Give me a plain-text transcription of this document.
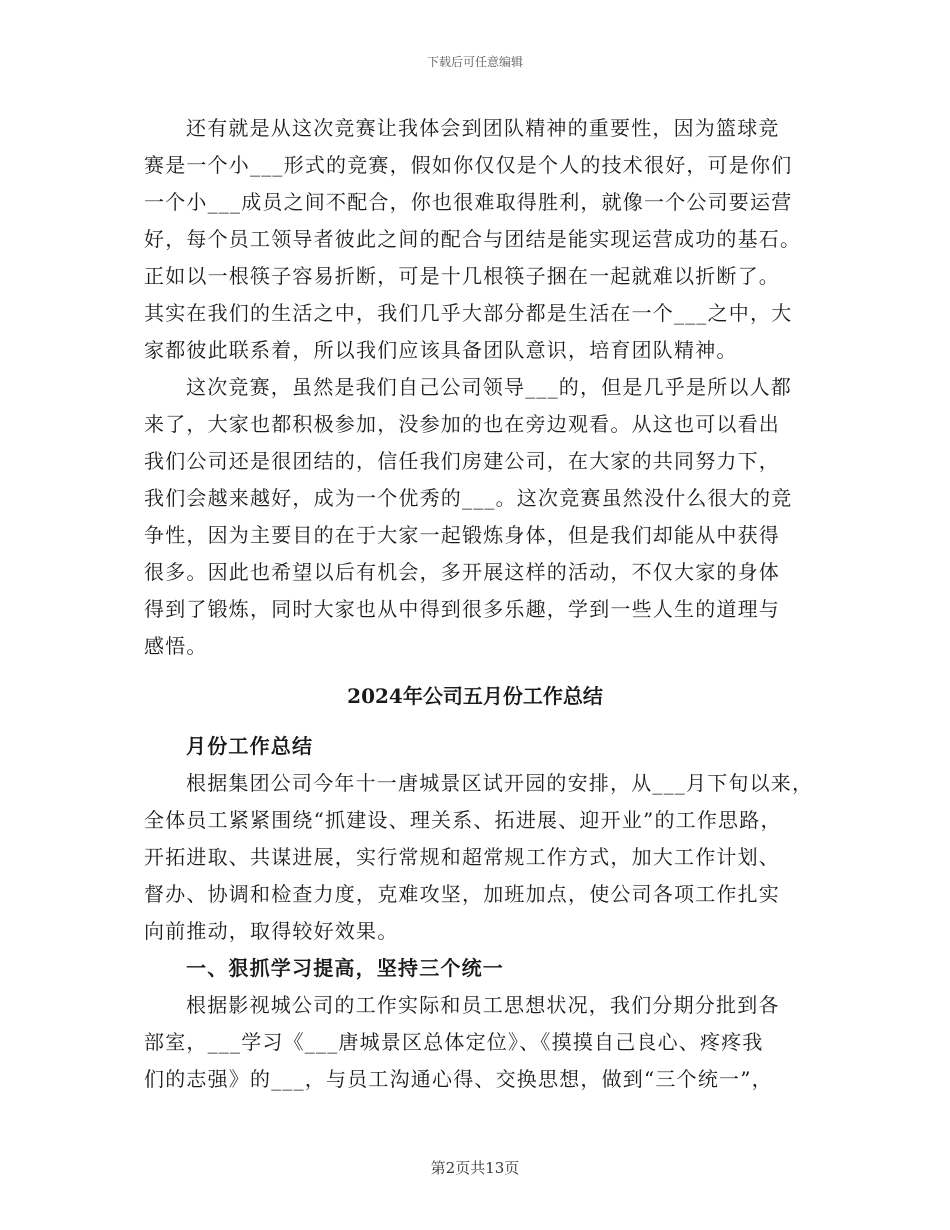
下载后可任意编辑
还有就是从这次竞赛让我体会到团队精神的重要性，因为篮球竞
赛是一个小___形式的竞赛，假如你仅仅是个人的技术很好，可是你们
一个小___成员之间不配合，你也很难取得胜利，就像一个公司要运营
好，每个员工领导者彼此之间的配合与团结是能实现运营成功的基石。
正如以一根筷子容易折断，可是十几根筷子捆在一起就难以折断了。
其实在我们的生活之中，我们几乎大部分都是生活在一个___之中，大
家都彼此联系着，所以我们应该具备团队意识，培育团队精神。
这次竞赛，虽然是我们自己公司领导___的，但是几乎是所以人都
来了，大家也都积极参加，没参加的也在旁边观看。从这也可以看出
我们公司还是很团结的，信任我们房建公司，在大家的共同努力下，
我们会越来越好，成为一个优秀的___。这次竞赛虽然没什么很大的竞
争性，因为主要目的在于大家一起锻炼身体，但是我们却能从中获得
很多。因此也希望以后有机会，多开展这样的活动，不仅大家的身体
得到了锻炼，同时大家也从中得到很多乐趣，学到一些人生的道理与
感悟。
2024年公司五月份工作总结
月份工作总结
根据集团公司今年十一唐城景区试开园的安排，从___月下旬以来，
全体员工紧紧围绕“抓建设、理关系、拓进展、迎开业”的工作思路，
开拓进取、共谋进展，实行常规和超常规工作方式，加大工作计划、
督办、协调和检查力度，克难攻坚，加班加点，使公司各项工作扎实
向前推动，取得较好效果。
一、狠抓学习提高，坚持三个统一
根据影视城公司的工作实际和员工思想状况，我们分期分批到各
部室，___学习《___唐城景区总体定位》、《摸摸自己良心、疼疼我
们的志强》的___，与员工沟通心得、交换思想，做到“三个统一”，
第2页共13页
